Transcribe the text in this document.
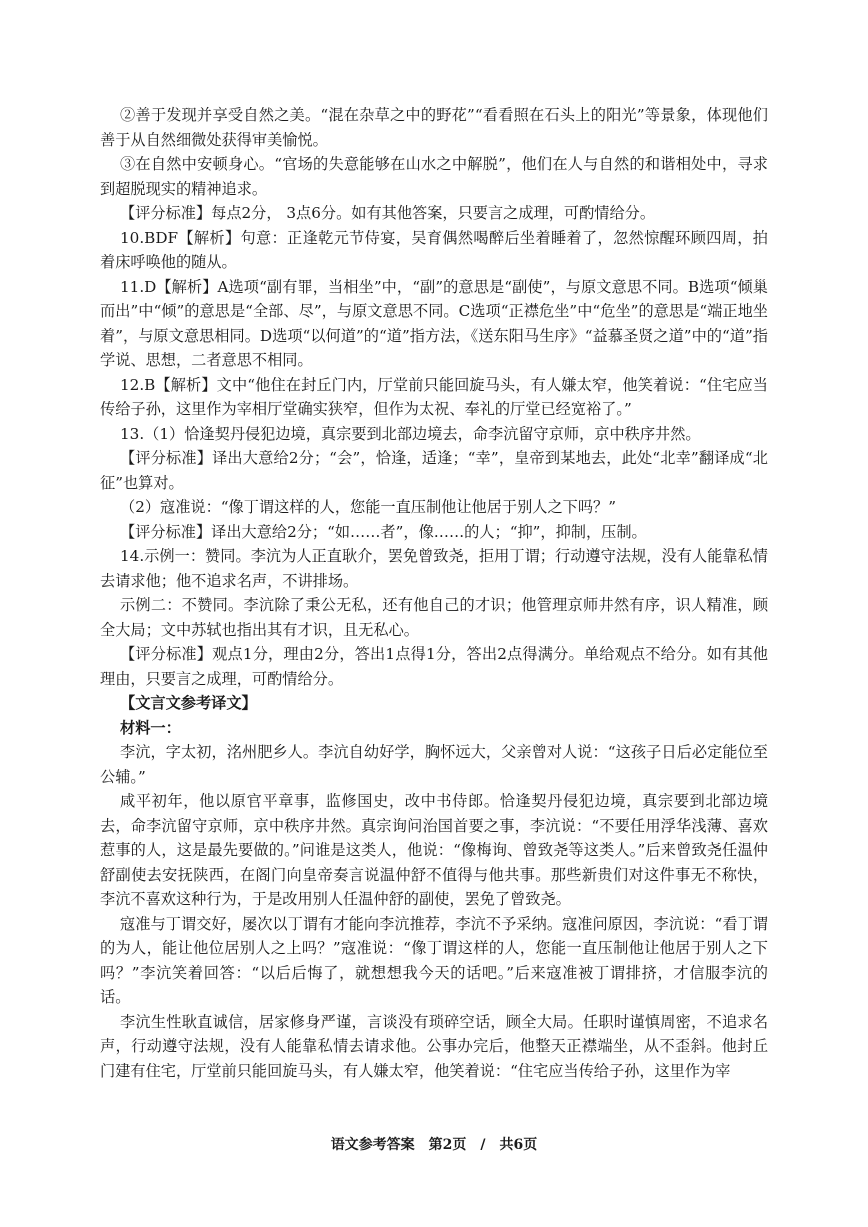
②善于发现并享受自然之美。“混在杂草之中的野花”“看看照在石头上的阳光”等景象，体现他们善于从自然细微处获得审美愉悦。

③在自然中安顿身心。“官场的失意能够在山水之中解脱”，他们在人与自然的和谐相处中，寻求到超脱现实的精神追求。

【评分标准】每点2分， 3点6分。如有其他答案，只要言之成理，可酌情给分。

10.BDF【解析】句意：正逢乾元节侍宴，吴育偶然喝醉后坐着睡着了，忽然惊醒环顾四周，拍着床呼唤他的随从。

11.D【解析】A选项“副有罪，当相坐”中，“副”的意思是“副使”，与原文意思不同。B选项“倾巢而出”中“倾”的意思是“全部、尽”，与原文意思不同。C选项“正襟危坐”中“危坐”的意思是“端正地坐着”，与原文意思相同。D选项“以何道”的“道”指方法，《送东阳马生序》“益慕圣贤之道”中的“道”指学说、思想，二者意思不相同。

12.B【解析】文中“他住在封丘门内，厅堂前只能回旋马头，有人嫌太窄，他笑着说：“住宅应当传给子孙，这里作为宰相厅堂确实狭窄，但作为太祝、奉礼的厅堂已经宽裕了。”

13.（1）恰逢契丹侵犯边境，真宗要到北部边境去，命李沆留守京师，京中秩序井然。

【评分标准】译出大意给2分；“会”，恰逢，适逢；“幸”，皇帝到某地去，此处“北幸”翻译成“北征”也算对。

（2）寇准说：“像丁谓这样的人，您能一直压制他让他居于别人之下吗？”

【评分标准】译出大意给2分；“如……者”，像……的人；“抑”，抑制，压制。

14.示例一：赞同。李沆为人正直耿介，罢免曾致尧，拒用丁谓；行动遵守法规，没有人能靠私情去请求他；他不追求名声，不讲排场。

示例二：不赞同。李沆除了秉公无私，还有他自己的才识；他管理京师井然有序，识人精准，顾全大局；文中苏轼也指出其有才识，且无私心。

【评分标准】观点1分，理由2分，答出1点得1分，答出2点得满分。单给观点不给分。如有其他理由，只要言之成理，可酌情给分。

【文言文参考译文】

材料一：

李沆，字太初，洺州肥乡人。李沆自幼好学，胸怀远大，父亲曾对人说：“这孩子日后必定能位至公辅。”

咸平初年，他以原官平章事，监修国史，改中书侍郎。恰逢契丹侵犯边境，真宗要到北部边境去，命李沆留守京师，京中秩序井然。真宗询问治国首要之事，李沆说：“不要任用浮华浅薄、喜欢惹事的人，这是最先要做的。”问谁是这类人，他说：“像梅询、曾致尧等这类人。”后来曾致尧任温仲舒副使去安抚陕西，在阁门向皇帝奏言说温仲舒不值得与他共事。那些新贵们对这件事无不称快，李沆不喜欢这种行为，于是改用别人任温仲舒的副使，罢免了曾致尧。

寇准与丁谓交好，屡次以丁谓有才能向李沆推荐，李沆不予采纳。寇准问原因，李沆说：“看丁谓的为人，能让他位居别人之上吗？”寇准说：“像丁谓这样的人，您能一直压制他让他居于别人之下吗？”李沆笑着回答：“以后后悔了，就想想我今天的话吧。”后来寇准被丁谓排挤，才信服李沆的话。

李沆生性耿直诚信，居家修身严谨，言谈没有琐碎空话，顾全大局。任职时谨慎周密，不追求名声，行动遵守法规，没有人能靠私情去请求他。公事办完后，他整天正襟端坐，从不歪斜。他封丘门建有住宅，厅堂前只能回旋马头，有人嫌太窄，他笑着说：“住宅应当传给子孙，这里作为宰

语文参考答案　第2页　/　共6页
